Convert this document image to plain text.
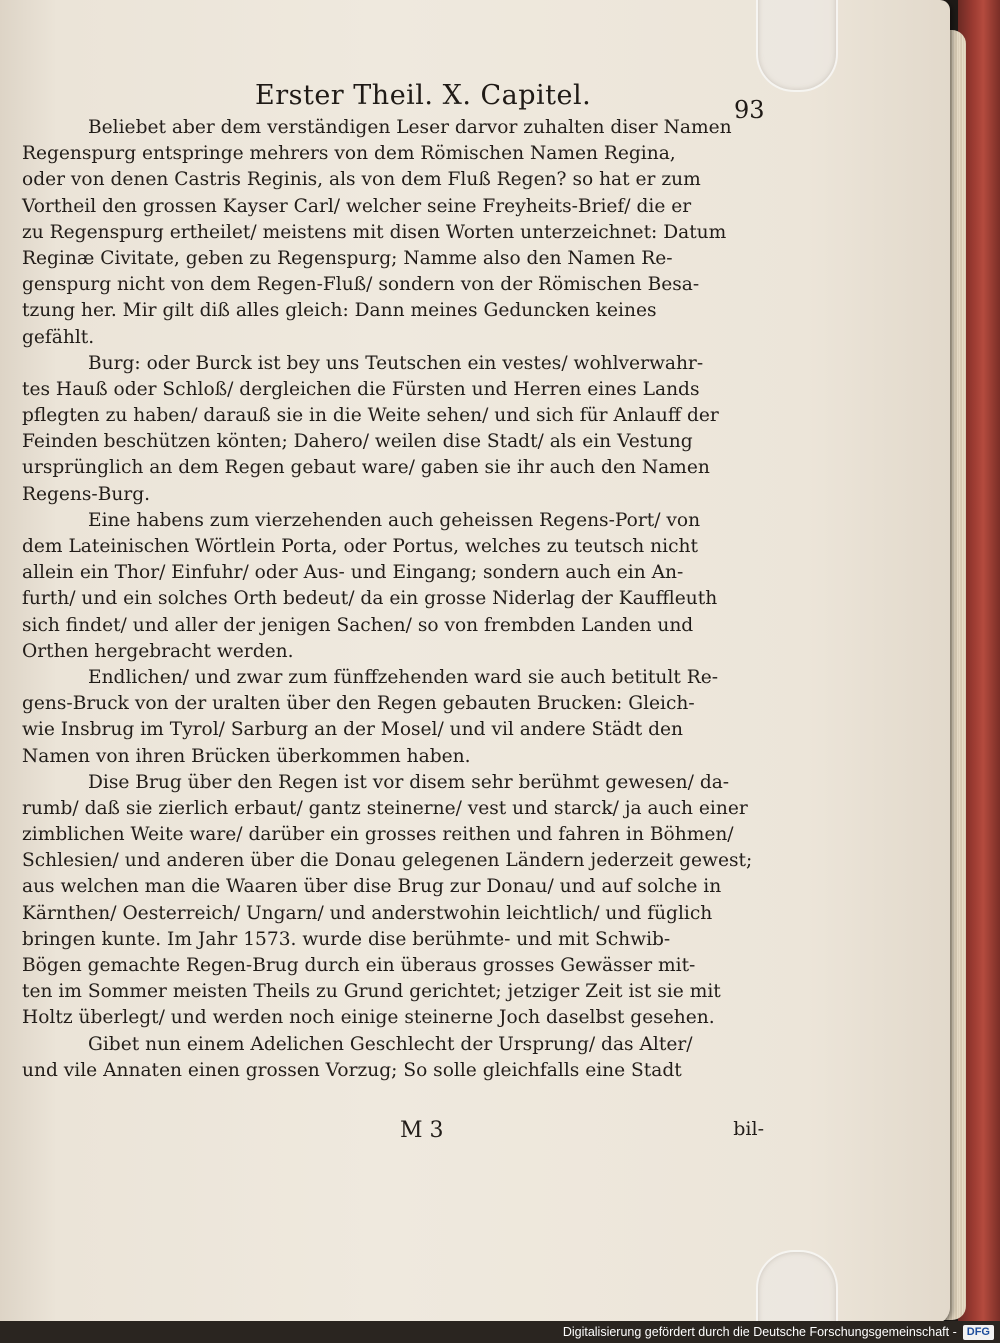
Erster Theil. X. Capitel.	93
Beliebet aber dem verständigen Leser darvor zuhalten diser Namen
Regenspurg entspringe mehrers von dem Römischen Namen Regina,
oder von denen Castris Reginis, als von dem Fluß Regen? so hat er zum
Vortheil den grossen Kayser Carl/ welcher seine Freyheits-Brief/ die er
zu Regenspurg ertheilet/ meistens mit disen Worten unterzeichnet: Datum
Reginæ Civitate, geben zu Regenspurg; Namme also den Namen Re-
genspurg nicht von dem Regen-Fluß/ sondern von der Römischen Besa-
tzung her. Mir gilt diß alles gleich: Dann meines Geduncken keines
gefählt.
Burg: oder Burck ist bey uns Teutschen ein vestes/ wohlverwahr-
tes Hauß oder Schloß/ dergleichen die Fürsten und Herren eines Lands
pflegten zu haben/ darauß sie in die Weite sehen/ und sich für Anlauff der
Feinden beschützen könten; Dahero/ weilen dise Stadt/ als ein Vestung
ursprünglich an dem Regen gebaut ware/ gaben sie ihr auch den Namen
Regens-Burg.
Eine habens zum vierzehenden auch geheissen Regens-Port/ von
dem Lateinischen Wörtlein Porta, oder Portus, welches zu teutsch nicht
allein ein Thor/ Einfuhr/ oder Aus- und Eingang; sondern auch ein An-
furth/ und ein solches Orth bedeut/ da ein grosse Niderlag der Kauffleuth
sich findet/ und aller der jenigen Sachen/ so von frembden Landen und
Orthen hergebracht werden.
Endlichen/ und zwar zum fünffzehenden ward sie auch betitult Re-
gens-Bruck von der uralten über den Regen gebauten Brucken: Gleich-
wie Insbrug im Tyrol/ Sarburg an der Mosel/ und vil andere Städt den
Namen von ihren Brücken überkommen haben.
Dise Brug über den Regen ist vor disem sehr berühmt gewesen/ da-
rumb/ daß sie zierlich erbaut/ gantz steinerne/ vest und starck/ ja auch einer
zimblichen Weite ware/ darüber ein grosses reithen und fahren in Böhmen/
Schlesien/ und anderen über die Donau gelegenen Ländern jederzeit gewest;
aus welchen man die Waaren über dise Brug zur Donau/ und auf solche in
Kärnthen/ Oesterreich/ Ungarn/ und anderstwohin leichtlich/ und füglich
bringen kunte. Im Jahr 1573. wurde dise berühmte- und mit Schwib-
Bögen gemachte Regen-Brug durch ein überaus grosses Gewässer mit-
ten im Sommer meisten Theils zu Grund gerichtet; jetziger Zeit ist sie mit
Holtz überlegt/ und werden noch einige steinerne Joch daselbst gesehen.
Gibet nun einem Adelichen Geschlecht der Ursprung/ das Alter/
und vile Annaten einen grossen Vorzug; So solle gleichfalls eine Stadt
M 3	bil-
Digitalisierung gefördert durch die Deutsche Forschungsgemeinschaft - DFG
